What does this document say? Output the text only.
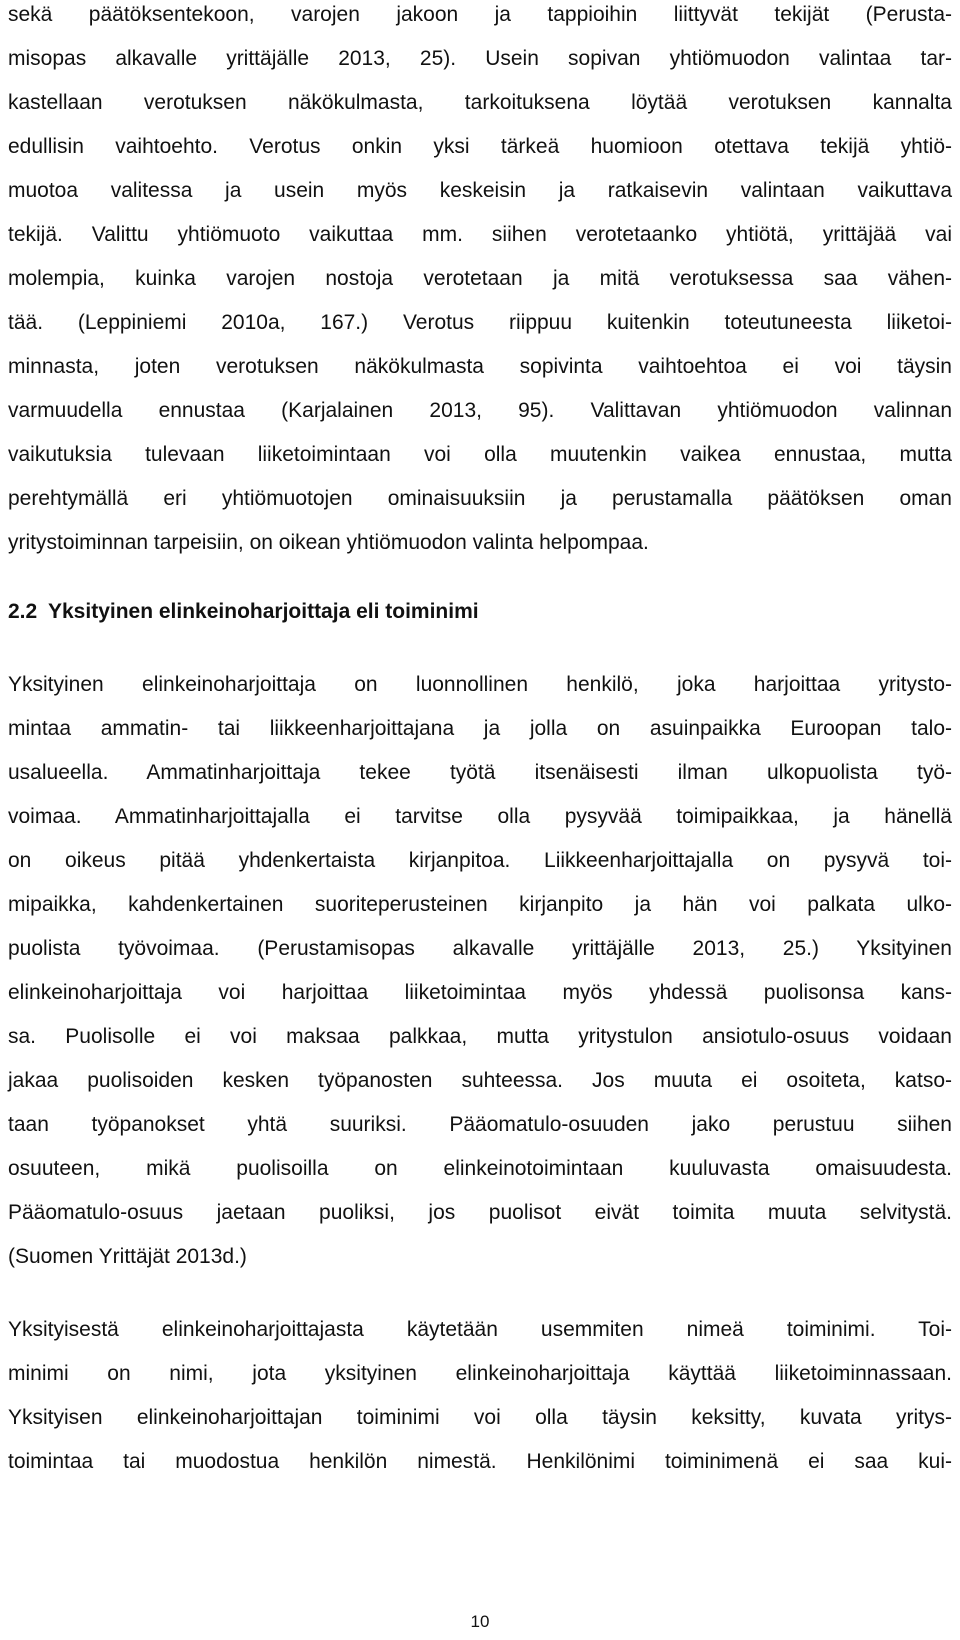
sekä päätöksentekoon, varojen jakoon ja tappioihin liittyvät tekijät (Perusta-
misopas alkavalle yrittäjälle 2013, 25). Usein sopivan yhtiömuodon valintaa tar-
kastellaan verotuksen näkökulmasta, tarkoituksena löytää verotuksen kannalta
edullisin vaihtoehto. Verotus onkin yksi tärkeä huomioon otettava tekijä yhtiö-
muotoa valitessa ja usein myös keskeisin ja ratkaisevin valintaan vaikuttava
tekijä. Valittu yhtiömuoto vaikuttaa mm. siihen verotetaanko yhtiötä, yrittäjää vai
molempia, kuinka varojen nostoja verotetaan ja mitä verotuksessa saa vähen-
tää. (Leppiniemi 2010a, 167.) Verotus riippuu kuitenkin toteutuneesta liiketoi-
minnasta, joten verotuksen näkökulmasta sopivinta vaihtoehtoa ei voi täysin
varmuudella ennustaa (Karjalainen 2013, 95). Valittavan yhtiömuodon valinnan
vaikutuksia tulevaan liiketoimintaan voi olla muutenkin vaikea ennustaa, mutta
perehtymällä eri yhtiömuotojen ominaisuuksiin ja perustamalla päätöksen oman
yritystoiminnan tarpeisiin, on oikean yhtiömuodon valinta helpompaa.
2.2 Yksityinen elinkeinoharjoittaja eli toiminimi
Yksityinen elinkeinoharjoittaja on luonnollinen henkilö, joka harjoittaa yritysto-
mintaa ammatin- tai liikkeenharjoittajana ja jolla on asuinpaikka Euroopan talo-
usalueella. Ammatinharjoittaja tekee työtä itsenäisesti ilman ulkopuolista työ-
voimaa. Ammatinharjoittajalla ei tarvitse olla pysyvää toimipaikkaa, ja hänellä
on oikeus pitää yhdenkertaista kirjanpitoa. Liikkeenharjoittajalla on pysyvä toi-
mipaikka, kahdenkertainen suoriteperusteinen kirjanpito ja hän voi palkata ulko-
puolista työvoimaa. (Perustamisopas alkavalle yrittäjälle 2013, 25.) Yksityinen
elinkeinoharjoittaja voi harjoittaa liiketoimintaa myös yhdessä puolisonsa kans-
sa. Puolisolle ei voi maksaa palkkaa, mutta yritystulon ansiotulo-osuus voidaan
jakaa puolisoiden kesken työpanosten suhteessa. Jos muuta ei osoiteta, katso-
taan työpanokset yhtä suuriksi. Pääomatulo-osuuden jako perustuu siihen
osuuteen, mikä puolisoilla on elinkeinotoimintaan kuuluvasta omaisuudesta.
Pääomatulo-osuus jaetaan puoliksi, jos puolisot eivät toimita muuta selvitystä.
(Suomen Yrittäjät 2013d.)
Yksityisestä elinkeinoharjoittajasta käytetään usemmiten nimeä toiminimi. Toi-
minimi on nimi, jota yksityinen elinkeinoharjoittaja käyttää liiketoiminnassaan.
Yksityisen elinkeinoharjoittajan toiminimi voi olla täysin keksitty, kuvata yritys-
toimintaa tai muodostua henkilön nimestä. Henkilönimi toiminimenä ei saa kui-
10
